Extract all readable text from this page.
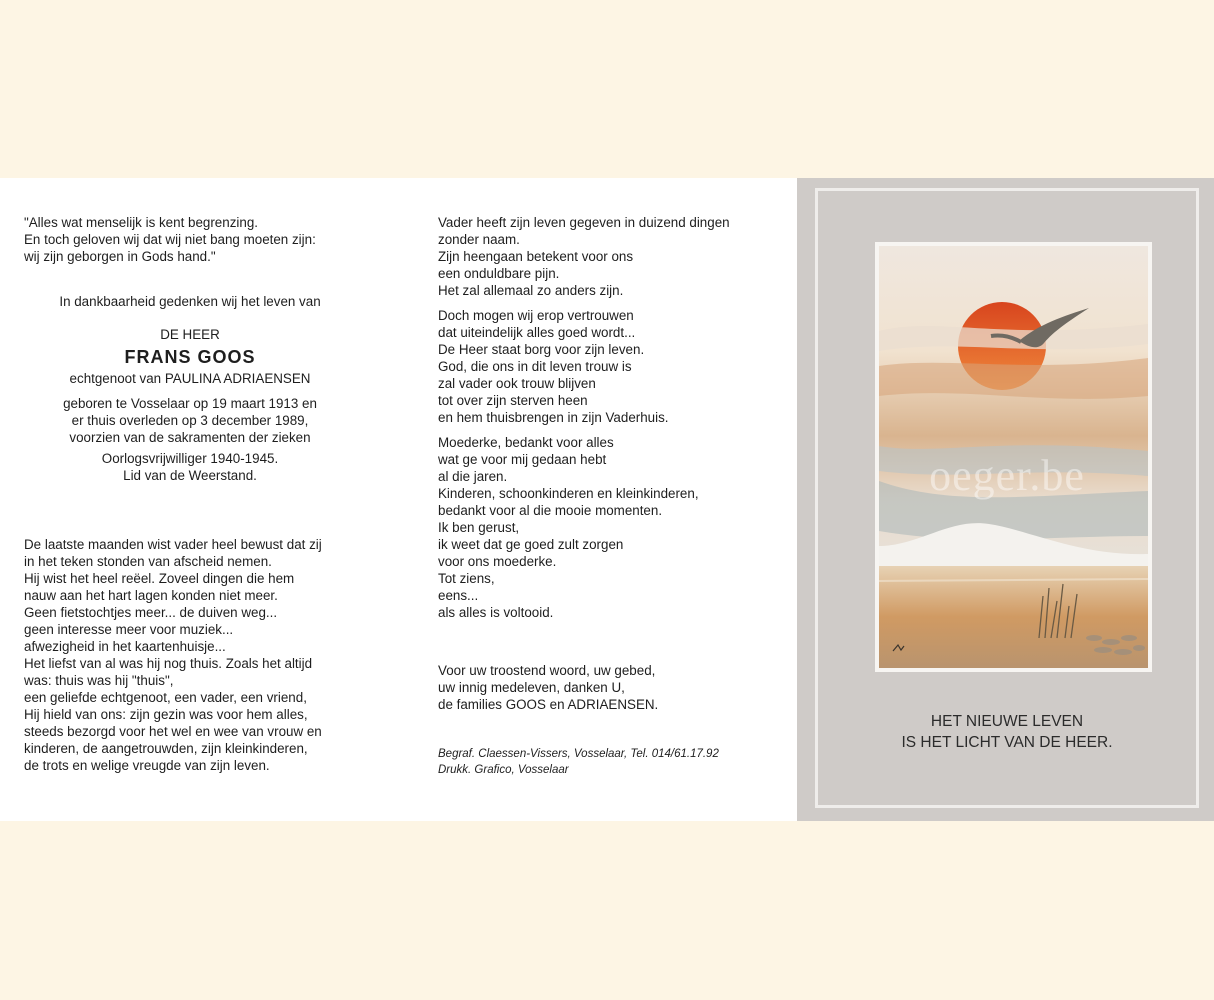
"Alles wat menselijk is kent begrenzing.
En toch geloven wij dat wij niet bang moeten zijn:
wij zijn geborgen in Gods hand."

In dankbaarheid gedenken wij het leven van

DE HEER

FRANS GOOS

echtgenoot van PAULINA ADRIAENSEN

geboren te Vosselaar op 19 maart 1913 en
er thuis overleden op 3 december 1989,
voorzien van de sakramenten der zieken

Oorlogsvrijwilliger 1940-1945.
Lid van de Weerstand.

De laatste maanden wist vader heel bewust dat zij
in het teken stonden van afscheid nemen.
Hij wist het heel reëel. Zoveel dingen die hem
nauw aan het hart lagen konden niet meer.
Geen fietstochtjes meer... de duiven weg...
geen interesse meer voor muziek...
afwezigheid in het kaartenhuisje...
Het liefst van al was hij nog thuis. Zoals het altijd
was: thuis was hij "thuis",
een geliefde echtgenoot, een vader, een vriend,
Hij hield van ons: zijn gezin was voor hem alles,
steeds bezorgd voor het wel en wee van vrouw en
kinderen, de aangetrouwden, zijn kleinkinderen,
de trots en welige vreugde van zijn leven.

Vader heeft zijn leven gegeven in duizend dingen
zonder naam.
Zijn heengaan betekent voor ons
een onduldbare pijn.
Het zal allemaal zo anders zijn.

Doch mogen wij erop vertrouwen
dat uiteindelijk alles goed wordt...
De Heer staat borg voor zijn leven.
God, die ons in dit leven trouw is
zal vader ook trouw blijven
tot over zijn sterven heen
en hem thuisbrengen in zijn Vaderhuis.

Moederke, bedankt voor alles
wat ge voor mij gedaan hebt
al die jaren.
Kinderen, schoonkinderen en kleinkinderen,
bedankt voor al die mooie momenten.
Ik ben gerust,
ik weet dat ge goed zult zorgen
voor ons moederke.
Tot ziens,
eens...
als alles is voltooid.

Voor uw troostend woord, uw gebed,
uw innig medeleven, danken U,
de families GOOS en ADRIAENSEN.

Begraf. Claessen-Vissers, Vosselaar, Tel. 014/61.17.92
Drukk. Grafico, Vosselaar

oeger.be
HET NIEUWE LEVEN
IS HET LICHT VAN DE HEER.
